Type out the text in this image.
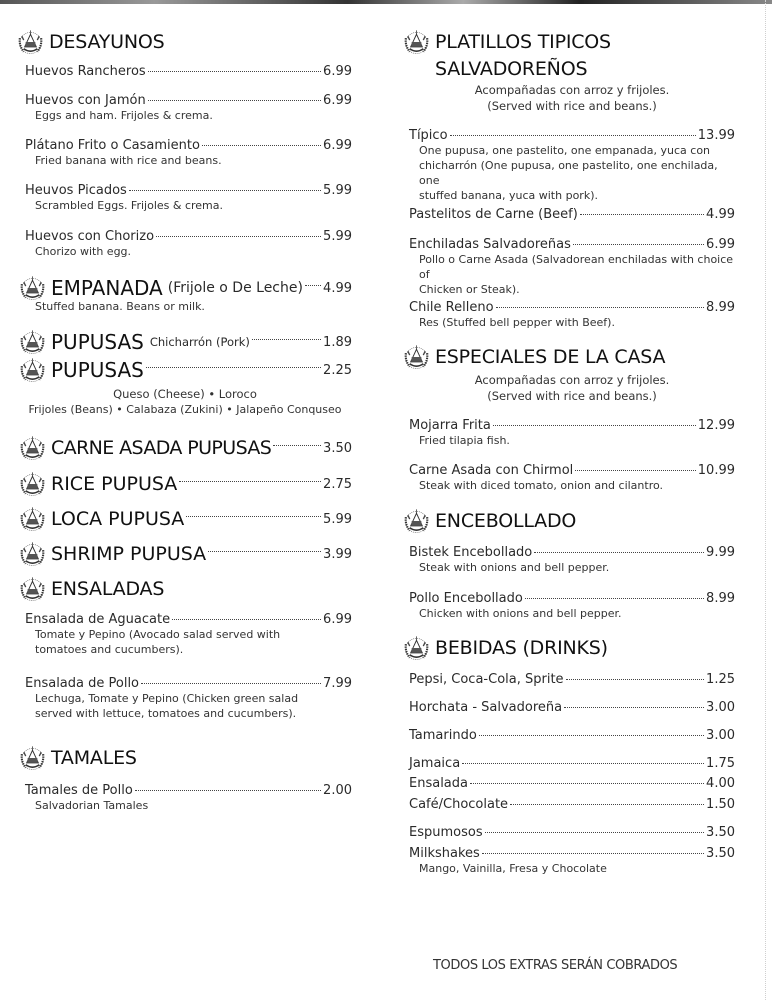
DESAYUNOS
Huevos Rancheros	6.99
Huevos con Jamón	6.99
Eggs and ham. Frijoles & crema.
Plátano Frito o Casamiento	6.99
Fried banana with rice and beans.
Heuvos Picados	5.99
Scrambled Eggs. Frijoles & crema.
Huevos con Chorizo	5.99
Chorizo with egg.
EMPANADA (Frijole o De Leche) 4.99
Stuffed banana. Beans or milk.
PUPUSAS Chicharrón (Pork)	1.89
PUPUSAS	2.25
Queso (Cheese) • Loroco
Frijoles (Beans) • Calabaza (Zukini) • Jalapeño Conquseo
CARNE ASADA PUPUSAS	3.50
RICE PUPUSA	2.75
LOCA PUPUSA	5.99
SHRIMP PUPUSA	3.99
ENSALADAS
Ensalada de Aguacate	6.99
Tomate y Pepino (Avocado salad served with
tomatoes and cucumbers).
Ensalada de Pollo	7.99
Lechuga, Tomate y Pepino (Chicken green salad
served with lettuce, tomatoes and cucumbers).
TAMALES
Tamales de Pollo	2.00
Salvadorian Tamales
PLATILLOS TIPICOS
SALVADOREÑOS
Acompañadas con arroz y frijoles.
(Served with rice and beans.)
Típico	13.99
One pupusa, one pastelito, one empanada, yuca con
chicharrón (One pupusa, one pastelito, one enchilada, one
stuffed banana, yuca with pork).
Pastelitos de Carne (Beef)	4.99
Enchiladas Salvadoreñas	6.99
Pollo o Carne Asada (Salvadorean enchiladas with choice of
Chicken or Steak).
Chile Relleno	8.99
Res (Stuffed bell pepper with Beef).
ESPECIALES DE LA CASA
Acompañadas con arroz y frijoles.
(Served with rice and beans.)
Mojarra Frita	12.99
Fried tilapia fish.
Carne Asada con Chirmol	10.99
Steak with diced tomato, onion and cilantro.
ENCEBOLLADO
Bistek Encebollado	9.99
Steak with onions and bell pepper.
Pollo Encebollado	8.99
Chicken with onions and bell pepper.
BEBIDAS (DRINKS)
Pepsi, Coca-Cola, Sprite	1.25
Horchata - Salvadoreña	3.00
Tamarindo	3.00
Jamaica	1.75
Ensalada	4.00
Café/Chocolate	1.50
Espumosos	3.50
Milkshakes	3.50
Mango, Vainilla, Fresa y Chocolate
TODOS LOS EXTRAS SERÁN COBRADOS
